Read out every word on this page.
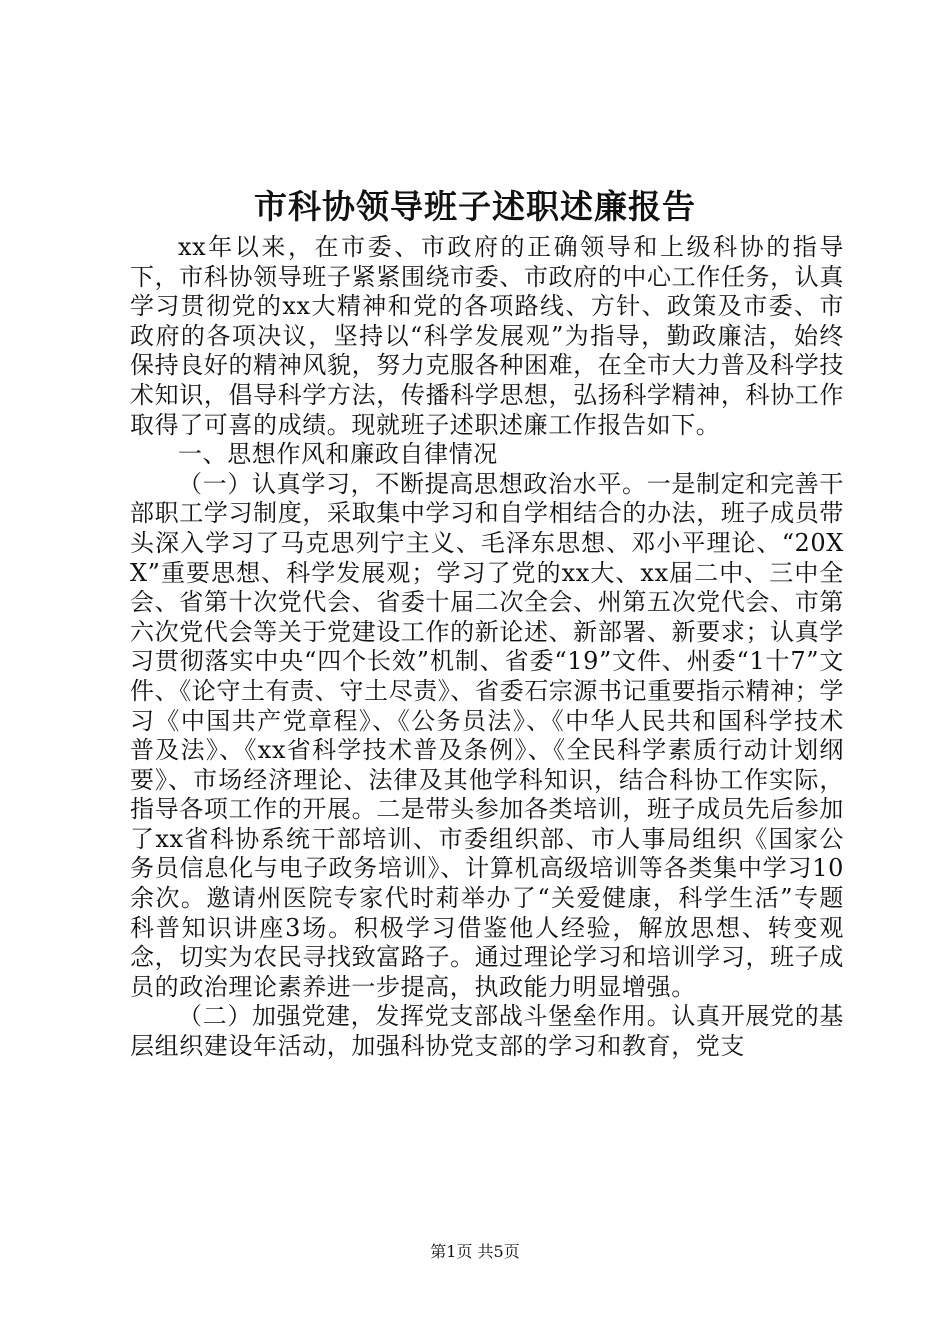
市科协领导班子述职述廉报告

xx年以来，在市委、市政府的正确领导和上级科协的指导下，市科协领导班子紧紧围绕市委、市政府的中心工作任务，认真学习贯彻党的xx大精神和党的各项路线、方针、政策及市委、市政府的各项决议，坚持以“科学发展观”为指导，勤政廉洁，始终保持良好的精神风貌，努力克服各种困难，在全市大力普及科学技术知识，倡导科学方法，传播科学思想，弘扬科学精神，科协工作取得了可喜的成绩。现就班子述职述廉工作报告如下。

一、思想作风和廉政自律情况

（一）认真学习，不断提高思想政治水平。一是制定和完善干部职工学习制度，采取集中学习和自学相结合的办法，班子成员带头深入学习了马克思列宁主义、毛泽东思想、邓小平理论、“20XX”重要思想、科学发展观；学习了党的xx大、xx届二中、三中全会、省第十次党代会、省委十届二次全会、州第五次党代会、市第六次党代会等关于党建设工作的新论述、新部署、新要求；认真学习贯彻落实中央“四个长效”机制、省委“19”文件、州委“1十7”文件、《论守土有责、守土尽责》、省委石宗源书记重要指示精神；学习《中国共产党章程》、《公务员法》、《中华人民共和国科学技术普及法》、《xx省科学技术普及条例》、《全民科学素质行动计划纲要》、市场经济理论、法律及其他学科知识，结合科协工作实际，指导各项工作的开展。二是带头参加各类培训，班子成员先后参加了xx省科协系统干部培训、市委组织部、市人事局组织《国家公务员信息化与电子政务培训》、计算机高级培训等各类集中学习10余次。邀请州医院专家代时莉举办了“关爱健康，科学生活”专题科普知识讲座3场。积极学习借鉴他人经验，解放思想、转变观念，切实为农民寻找致富路子。通过理论学习和培训学习，班子成员的政治理论素养进一步提高，执政能力明显增强。

（二）加强党建，发挥党支部战斗堡垒作用。认真开展党的基层组织建设年活动，加强科协党支部的学习和教育，党支

第1页 共5页
